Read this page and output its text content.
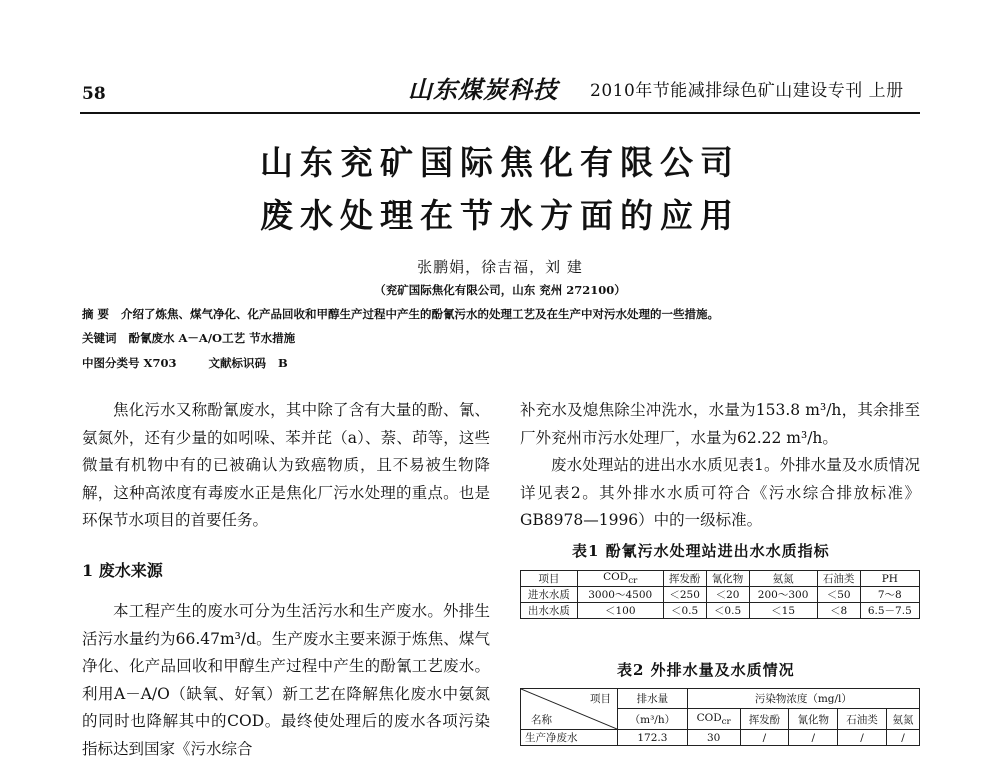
58	山东煤炭科技 2010年节能减排绿色矿山建设专刊 上册
山东兖矿国际焦化有限公司
废水处理在节水方面的应用
张鹏娟，徐吉福，刘 建
（兖矿国际焦化有限公司，山东 兖州 272100）
摘 要 介绍了炼焦、煤气净化、化产品回收和甲醇生产过程中产生的酚氰污水的处理工艺及在生产中对污水处理的一些措施。
关键词 酚氰废水 A－A/O工艺 节水措施
中图分类号 X703	文献标识码 B

焦化污水又称酚氰废水，其中除了含有大量的酚、氰、氨氮外，还有少量的如吲哚、苯并芘（a）、萘、茚等，这些微量有机物中有的已被确认为致癌物质，且不易被生物降解，这种高浓度有毒废水正是焦化厂污水处理的重点。也是环保节水项目的首要任务。

1 废水来源

本工程产生的废水可分为生活污水和生产废水。外排生活污水量约为66.47m³/d。生产废水主要来源于炼焦、煤气净化、化产品回收和甲醇生产过程中产生的酚氰工艺废水。利用A－A/O（缺氧、好氧）新工艺在降解焦化废水中氨氮的同时也降解其中的COD。最终使处理后的废水各项污染指标达到国家《污水综合

补充水及熄焦除尘冲洗水，水量为153.8 m³/h，其余排至厂外兖州市污水处理厂，水量为62.22 m³/h。

废水处理站的进出水水质见表1。外排水量及水质情况详见表2。其外排水水质可符合《污水综合排放标准》GB8978—1996）中的一级标准。

表1 酚氰污水处理站进出水水质指标
项目	$COD_{cr}$	挥发酚	氰化物	氨氮	石油类	PH
进水水质	3000～4500	＜250	＜20	200～300	＜50	7～8
出水水质	＜100	＜0.5	＜0.5	＜15	＜8	6.5－7.5
表2 外排水量及水质情况
项目
名称	排水量	污染物浓度（mg/l）				
	（m³/h）	$COD_{cr}$	挥发酚	氰化物	石油类	氨氮
生产净废水	172.3	30	/	/	/	/
